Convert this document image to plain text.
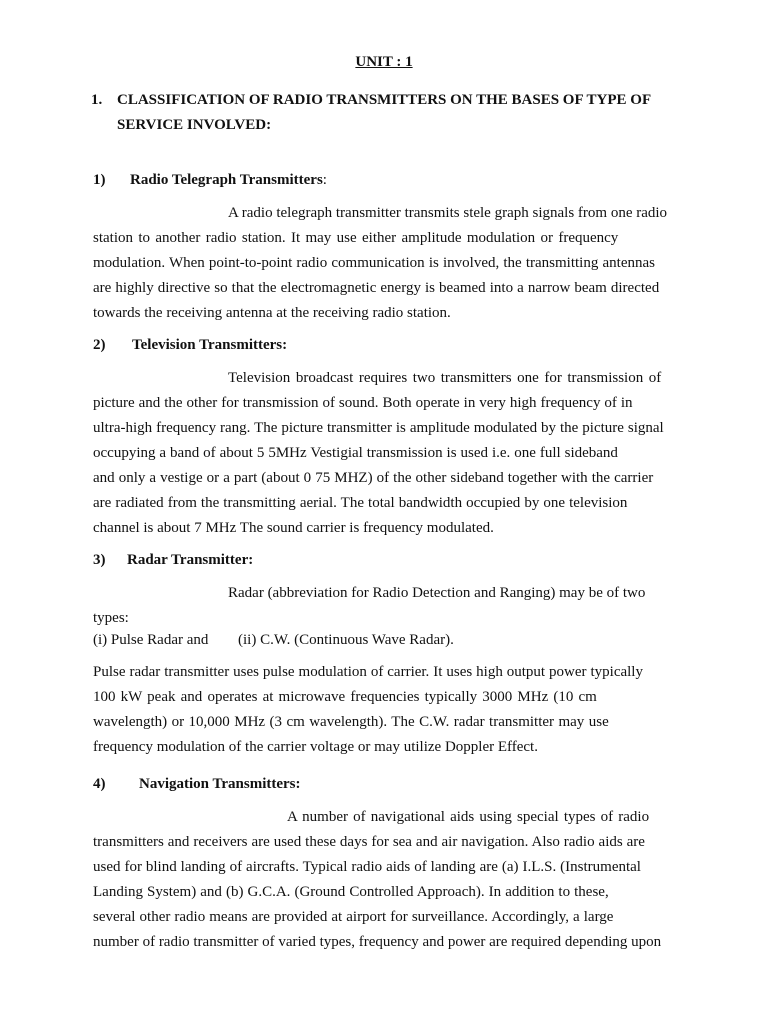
UNIT : 1
1. CLASSIFICATION OF RADIO TRANSMITTERS ON THE BASES OF TYPE OF
SERVICE INVOLVED:
1) Radio Telegraph Transmitters:
A radio telegraph transmitter transmits stele graph signals from one radio
station to another radio station. It may use either amplitude modulation or frequency
modulation. When point-to-point radio communication is involved, the transmitting antennas
are highly directive so that the electromagnetic energy is beamed into a narrow beam directed
towards the receiving antenna at the receiving radio station.
2) Television Transmitters:
Television broadcast requires two transmitters one for transmission of
picture and the other for transmission of sound. Both operate in very high frequency of in
ultra-high frequency rang. The picture transmitter is amplitude modulated by the picture signal
occupying a band of about 5 5MHz Vestigial transmission is used i.e. one full sideband
and only a vestige or a part (about 0 75 MHZ) of the other sideband together with the carrier
are radiated from the transmitting aerial. The total bandwidth occupied by one television
channel is about 7 MHz The sound carrier is frequency modulated.
3) Radar Transmitter:
Radar (abbreviation for Radio Detection and Ranging) may be of two
types:
(i) Pulse Radar and (ii) C.W. (Continuous Wave Radar).
Pulse radar transmitter uses pulse modulation of carrier. It uses high output power typically
100 kW peak and operates at microwave frequencies typically 3000 MHz (10 cm
wavelength) or 10,000 MHz (3 cm wavelength). The C.W. radar transmitter may use
frequency modulation of the carrier voltage or may utilize Doppler Effect.
4) Navigation Transmitters:
A number of navigational aids using special types of radio
transmitters and receivers are used these days for sea and air navigation. Also radio aids are
used for blind landing of aircrafts. Typical radio aids of landing are (a) I.L.S. (Instrumental
Landing System) and (b) G.C.A. (Ground Controlled Approach). In addition to these,
several other radio means are provided at airport for surveillance. Accordingly, a large
number of radio transmitter of varied types, frequency and power are required depending upon
